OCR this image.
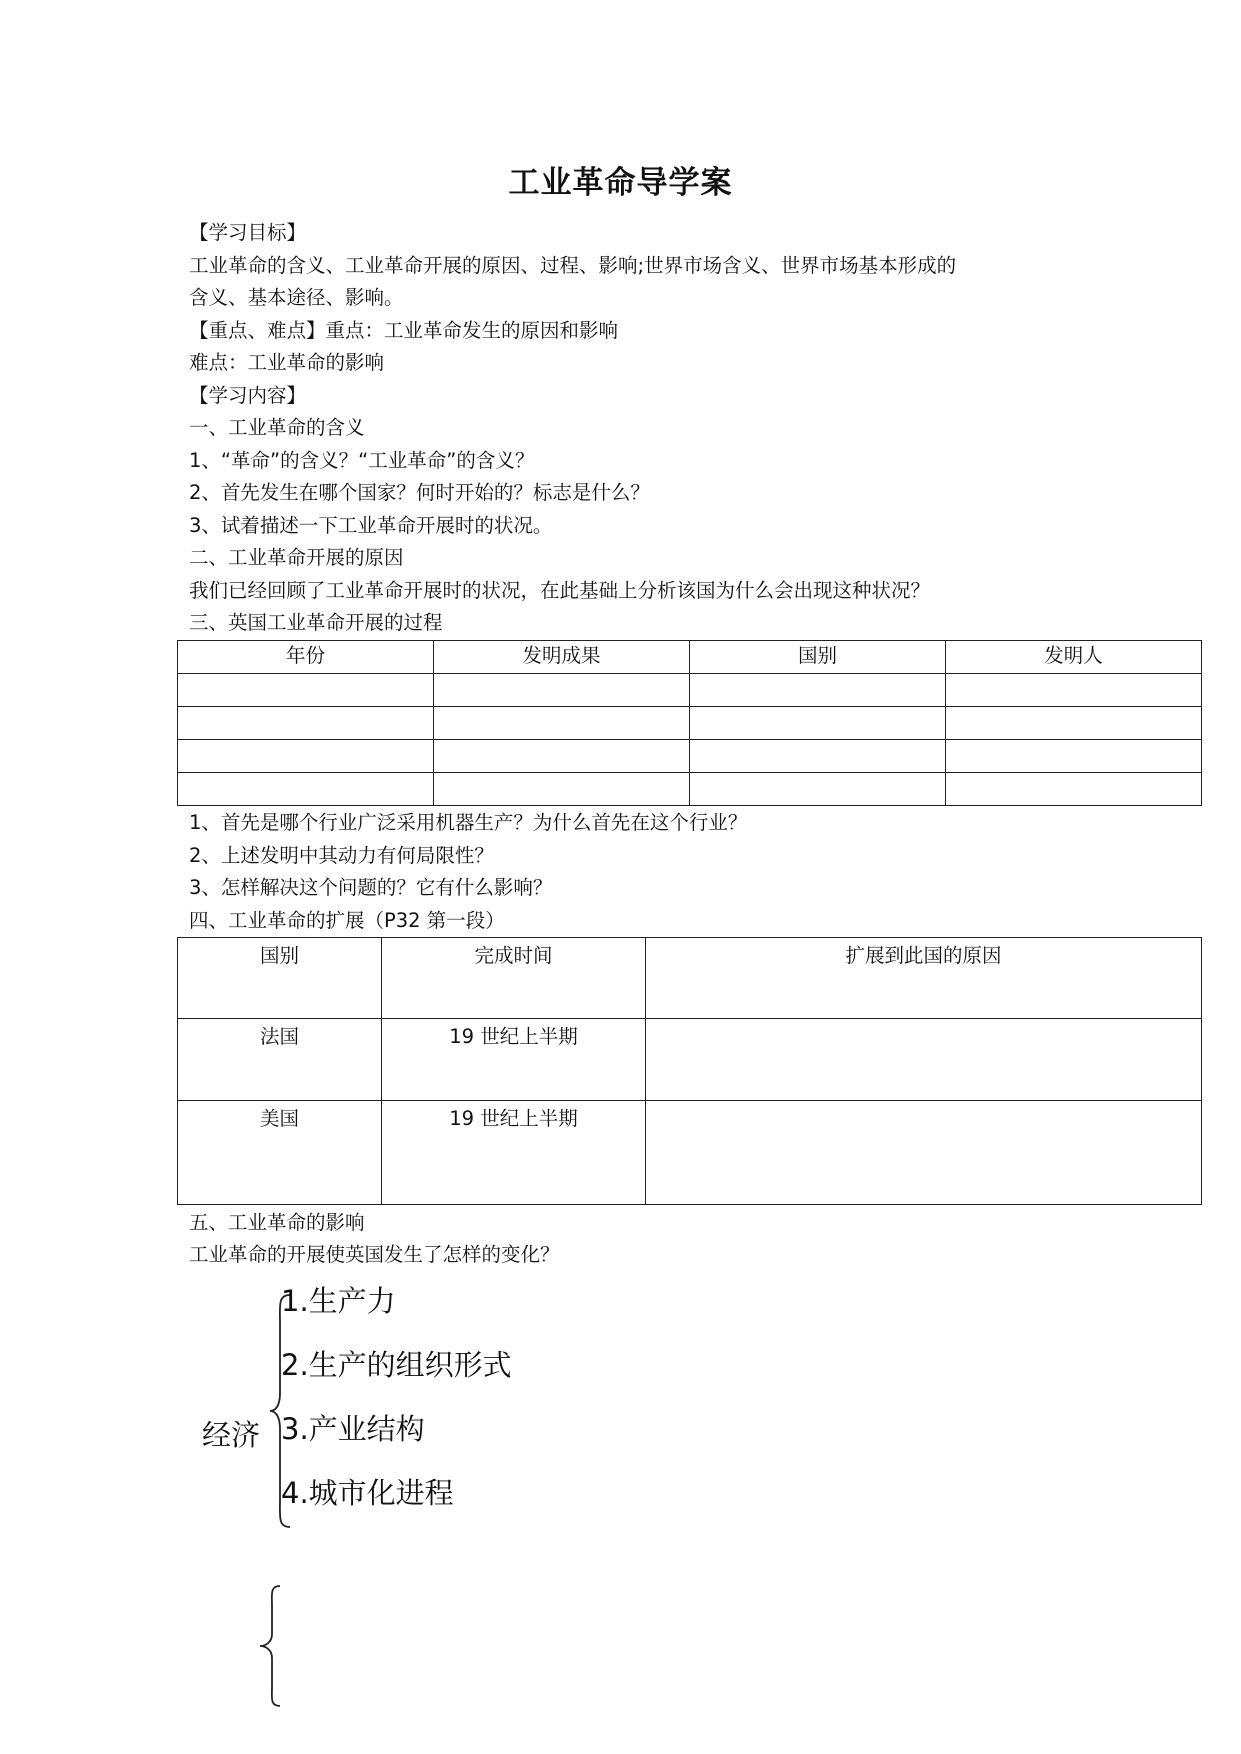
工业革命导学案
【学习目标】
工业革命的含义、工业革命开展的原因、过程、影响;世界市场含义、世界市场基本形成的
含义、基本途径、影响。
【重点、难点】重点：工业革命发生的原因和影响
难点：工业革命的影响
【学习内容】
一、工业革命的含义
1、“革命”的含义？“工业革命”的含义？
2、首先发生在哪个国家？何时开始的？标志是什么？
3、试着描述一下工业革命开展时的状况。
二、工业革命开展的原因
我们已经回顾了工业革命开展时的状况，在此基础上分析该国为什么会出现这种状况？
三、英国工业革命开展的过程
年份	发明成果	国别	发明人

1、首先是哪个行业广泛采用机器生产？为什么首先在这个行业？
2、上述发明中其动力有何局限性？
3、怎样解决这个问题的？它有什么影响？
四、工业革命的扩展（P32 第一段）
国别	完成时间	扩展到此国的原因
法国	19 世纪上半期	
美国	19 世纪上半期	
五、工业革命的影响
工业革命的开展使英国发生了怎样的变化？
经济
1.生产力
2.生产的组织形式
3.产业结构
4.城市化进程
